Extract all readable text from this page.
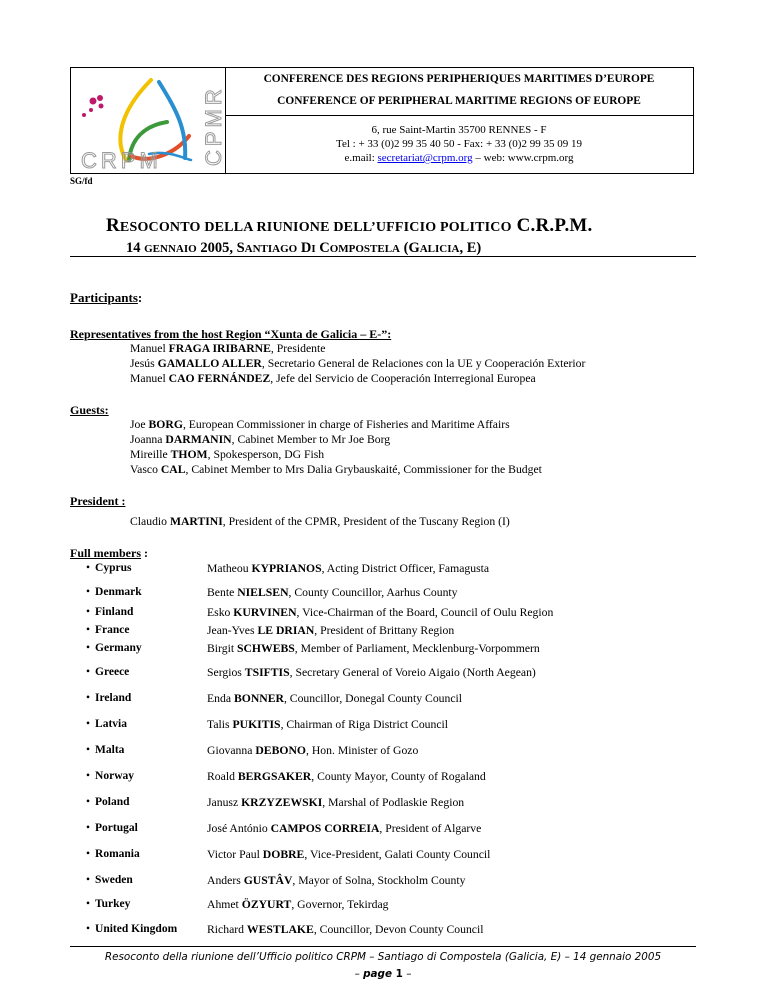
CRPM CPMR
CONFERENCE DES REGIONS PERIPHERIQUES MARITIMES D’EUROPE
CONFERENCE OF PERIPHERAL MARITIME REGIONS OF EUROPE
6, rue Saint-Martin 35700 RENNES - F
Tel : + 33 (0)2 99 35 40 50 - Fax: + 33 (0)2 99 35 09 19
e.mail: secretariat@crpm.org – web: www.crpm.org
SG/fd
RESOCONTO DELLA RIUNIONE DELL’UFFICIO POLITICO C.R.P.M.
14 GENNAIO 2005, SANTIAGO DI COMPOSTELA (GALICIA, E)
Participants:
Representatives from the host Region “Xunta de Galicia – E-”:
Manuel FRAGA IRIBARNE, Presidente
Jesús GAMALLO ALLER, Secretario General de Relaciones con la UE y Cooperación Exterior
Manuel CAO FERNÁNDEZ, Jefe del Servicio de Cooperación Interregional Europea
Guests:
Joe BORG, European Commissioner in charge of Fisheries and Maritime Affairs
Joanna DARMANIN, Cabinet Member to Mr Joe Borg
Mireille THOM, Spokesperson, DG Fish
Vasco CAL, Cabinet Member to Mrs Dalia Grybauskaité, Commissioner for the Budget
President :
Claudio MARTINI, President of the CPMR, President of the Tuscany Region (I)
Full members :
• Cyprus	Matheou KYPRIANOS, Acting District Officer, Famagusta
• Denmark	Bente NIELSEN, County Councillor, Aarhus County
• Finland	Esko KURVINEN, Vice-Chairman of the Board, Council of Oulu Region
• France	Jean-Yves LE DRIAN, President of Brittany Region
• Germany	Birgit SCHWEBS, Member of Parliament, Mecklenburg-Vorpommern
• Greece	Sergios TSIFTIS, Secretary General of Voreio Aigaio (North Aegean)
• Ireland	Enda BONNER, Councillor, Donegal County Council
• Latvia	Talis PUKITIS, Chairman of Riga District Council
• Malta	Giovanna DEBONO, Hon. Minister of Gozo
• Norway	Roald BERGSAKER, County Mayor, County of Rogaland
• Poland	Janusz KRZYZEWSKI, Marshal of Podlaskie Region
• Portugal	José António CAMPOS CORREIA, President of Algarve
• Romania	Victor Paul DOBRE, Vice-President, Galati County Council
• Sweden	Anders GUSTÂV, Mayor of Solna, Stockholm County
• Turkey	Ahmet ÖZYURT, Governor, Tekirdag
• United Kingdom	Richard WESTLAKE, Councillor, Devon County Council
Resoconto della riunione dell’Ufficio politico CRPM – Santiago di Compostela (Galicia, E) – 14 gennaio 2005
– page 1 –
